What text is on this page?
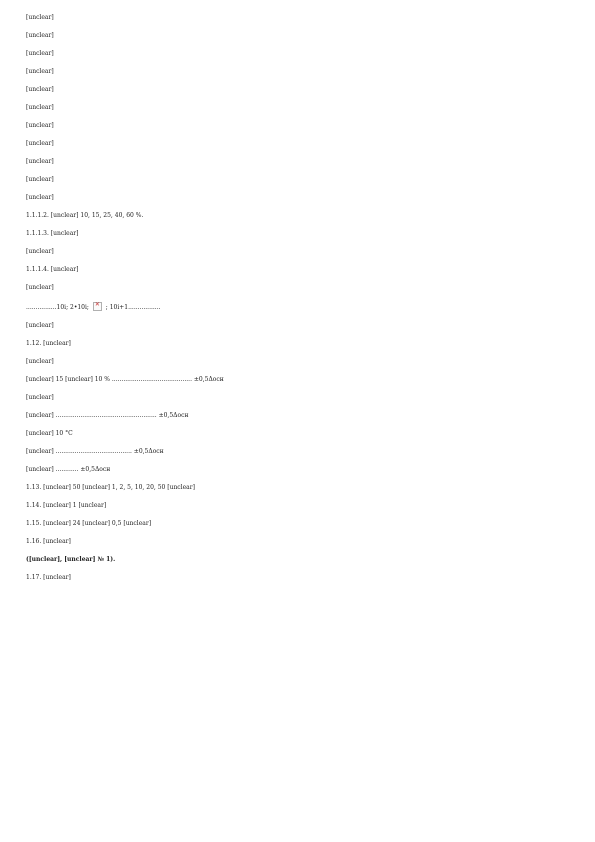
[unclear]

[unclear]

[unclear]

[unclear]

[unclear]

[unclear]

[unclear]

[unclear]

[unclear]

[unclear]

[unclear]

1.1.1.2. [unclear] 10, 15, 25, 40, 60 %.

1.1.1.3. [unclear]

[unclear]

1.1.1.4. [unclear]

[unclear]

................10i; 2•10i; ✕	; 10i+1.................

[unclear]

1.12. [unclear]

[unclear]

[unclear] 15 [unclear] 10 % .......................................... ±0,5Δосн

[unclear]

[unclear] ..................................................... ±0,5Δосн

[unclear] 10 °С

[unclear] ........................................ ±0,5Δосн

[unclear] ............ ±0,5Δосн

1.13. [unclear] 50 [unclear] 1, 2, 5, 10, 20, 50 [unclear]

1.14. [unclear] 1 [unclear]

1.15. [unclear] 24 [unclear] 0,5 [unclear]

1.16. [unclear]

([unclear], [unclear] № 1).

1.17. [unclear]
